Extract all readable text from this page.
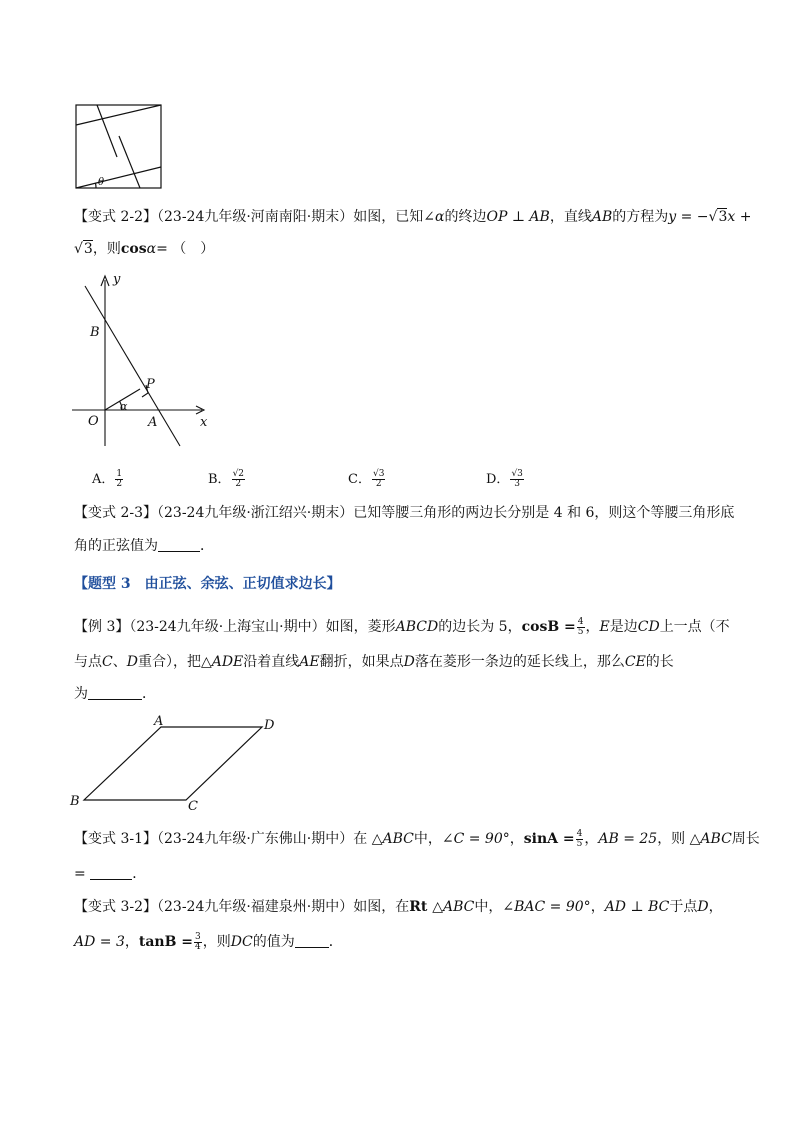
θ
【变式 2-2】（23-24九年级·河南南阳·期末）如图，已知∠α的终边OP ⊥ AB，直线AB的方程为y = −√3x +
√3，则cosα= （　）
y
x
B
P
O	A
α
A． $\frac{1}{2}$	B． $\frac{√2}{2}$	C． $\frac{√3}{2}$	D． $\frac{√3}{3}$
【变式 2-3】（23-24九年级·浙江绍兴·期末）已知等腰三角形的两边长分别是 4 和 6，则这个等腰三角形底
角的正弦值为	．
【题型 3　由正弦、余弦、正切值求边长】
【例 3】（23-24九年级·上海宝山·期中）如图，菱形ABCD的边长为 5，$\cos B = \frac{4}{5}$ ，E是边CD上一点（不
与点C、D重合），把△ADE沿着直线AE翻折，如果点D落在菱形一条边的延长线上，那么CE的长
为	．
A	D
B	C
【变式 3-1】（23-24九年级·广东佛山·期中）在 △ABC中，∠C = 90°，$\sin A = \frac{4}{5}$ ，AB = 25，则 △ABC周长
=	．
【变式 3-2】（23-24九年级·福建泉州·期中）如图，在Rt △ABC中，∠BAC = 90°，AD ⊥ BC于点D，
AD = 3，$\tan B = \frac{3}{4}$ ，则DC的值为 ．
